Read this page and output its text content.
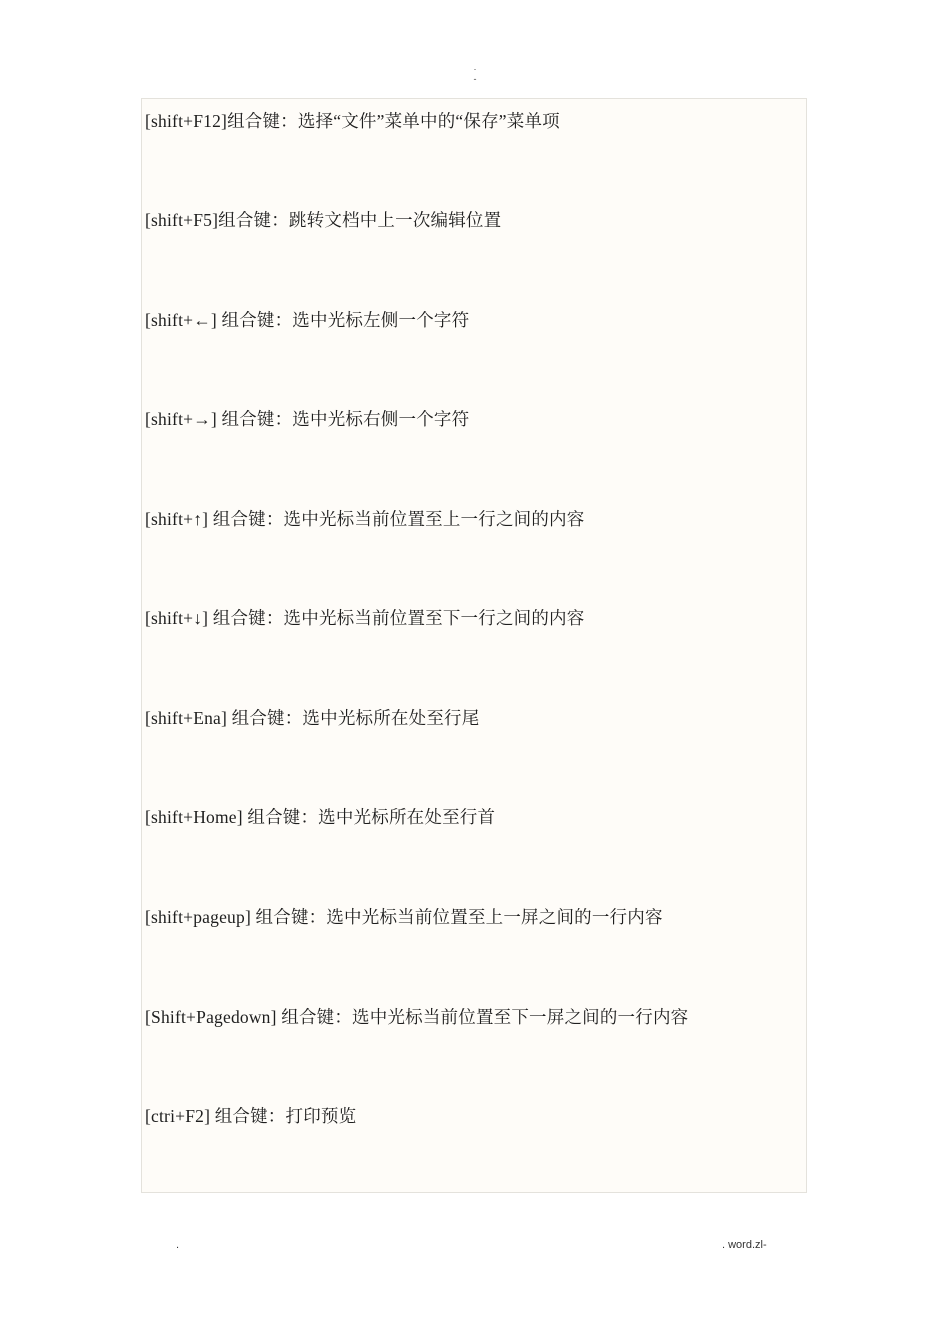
.
-
[shift+F12]组合键：选择“文件”菜单中的“保存”菜单项
[shift+F5]组合键：跳转文档中上一次编辑位置
[shift+←] 组合键：选中光标左侧一个字符
[shift+→] 组合键：选中光标右侧一个字符
[shift+↑] 组合键：选中光标当前位置至上一行之间的内容
[shift+↓] 组合键：选中光标当前位置至下一行之间的内容
[shift+Ena] 组合键：选中光标所在处至行尾
[shift+Home] 组合键：选中光标所在处至行首
[shift+pageup] 组合键：选中光标当前位置至上一屏之间的一行内容
[Shift+Pagedown] 组合键：选中光标当前位置至下一屏之间的一行内容
[ctri+F2] 组合键：打印预览
.	. word.zl-
